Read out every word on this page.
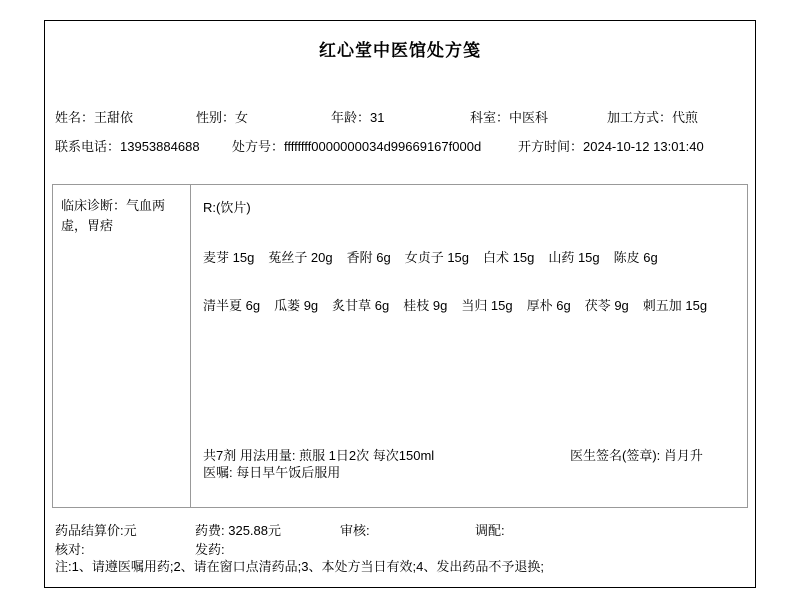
红心堂中医馆处方笺
姓名：王甜依	性别：女	年龄：31	科室：中医科	加工方式：代煎
联系电话：13953884688 处方号：ffffffff0000000034d99669167f000d	开方时间：2024-10-12 13:01:40
临床诊断：气血两虚，胃痞
R:(饮片)
麦芽 15g 菟丝子 20g 香附 6g 女贞子 15g 白术 15g 山药 15g 陈皮 6g
清半夏 6g 瓜蒌 9g 炙甘草 6g 桂枝 9g 当归 15g 厚朴 6g 茯苓 9g 刺五加 15g
共7剂 用法用量: 煎服 1日2次 每次150ml
医嘱: 每日早午饭后服用
医生签名(签章): 肖月升
药品结算价:元	药费: 325.88元	审核:	调配:
核对:	发药:
注:1、请遵医嘱用药;2、请在窗口点清药品;3、本处方当日有效;4、发出药品不予退换;
